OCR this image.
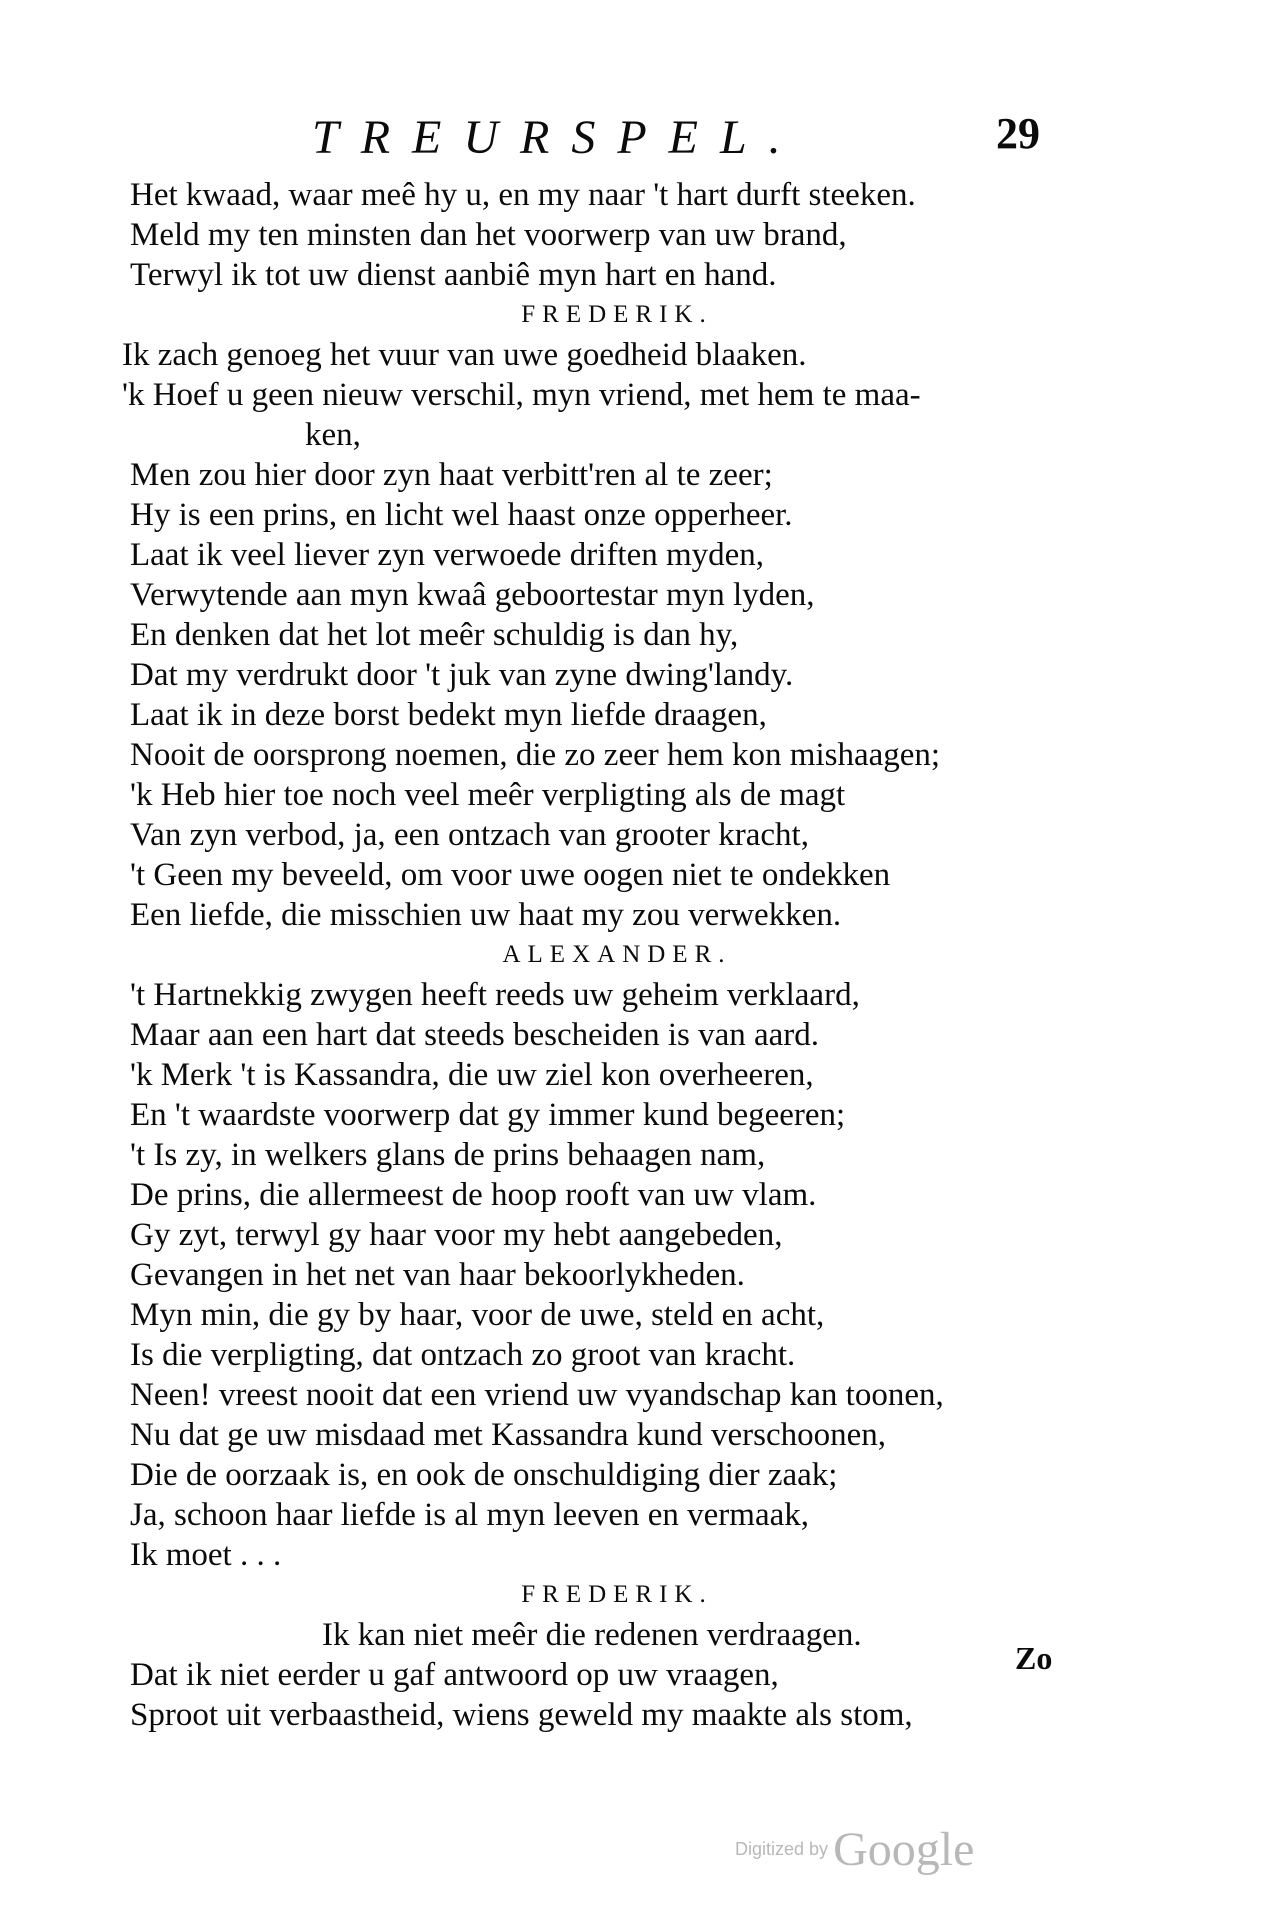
TREURSPEL.	29
Het kwaad, waar meê hy u, en my naar 't hart durft steeken.
Meld my ten minsten dan het voorwerp van uw brand,
Terwyl ik tot uw dienst aanbiê myn hart en hand.
FREDERIK.
Ik zach genoeg het vuur van uwe goedheid blaaken.
'k Hoef u geen nieuw verschil, myn vriend, met hem te maa-
ken,
Men zou hier door zyn haat verbitt'ren al te zeer;
Hy is een prins, en licht wel haast onze opperheer.
Laat ik veel liever zyn verwoede driften myden,
Verwytende aan myn kwaâ geboortestar myn lyden,
En denken dat het lot meêr schuldig is dan hy,
Dat my verdrukt door 't juk van zyne dwing'landy.
Laat ik in deze borst bedekt myn liefde draagen,
Nooit de oorsprong noemen, die zo zeer hem kon mishaagen;
'k Heb hier toe noch veel meêr verpligting als de magt
Van zyn verbod, ja, een ontzach van grooter kracht,
't Geen my beveeld, om voor uwe oogen niet te ondekken
Een liefde, die misschien uw haat my zou verwekken.
ALEXANDER.
't Hartnekkig zwygen heeft reeds uw geheim verklaard,
Maar aan een hart dat steeds bescheiden is van aard.
'k Merk 't is Kassandra, die uw ziel kon overheeren,
En 't waardste voorwerp dat gy immer kund begeeren;
't Is zy, in welkers glans de prins behaagen nam,
De prins, die allermeest de hoop rooft van uw vlam.
Gy zyt, terwyl gy haar voor my hebt aangebeden,
Gevangen in het net van haar bekoorlykheden.
Myn min, die gy by haar, voor de uwe, steld en acht,
Is die verpligting, dat ontzach zo groot van kracht.
Neen! vreest nooit dat een vriend uw vyandschap kan toonen,
Nu dat ge uw misdaad met Kassandra kund verschoonen,
Die de oorzaak is, en ook de onschuldiging dier zaak;
Ja, schoon haar liefde is al myn leeven en vermaak,
Ik moet . . .
FREDERIK.
Ik kan niet meêr die redenen verdraagen.
Dat ik niet eerder u gaf antwoord op uw vraagen,
Sproot uit verbaastheid, wiens geweld my maakte als stom,
Zo
Digitized by Google
